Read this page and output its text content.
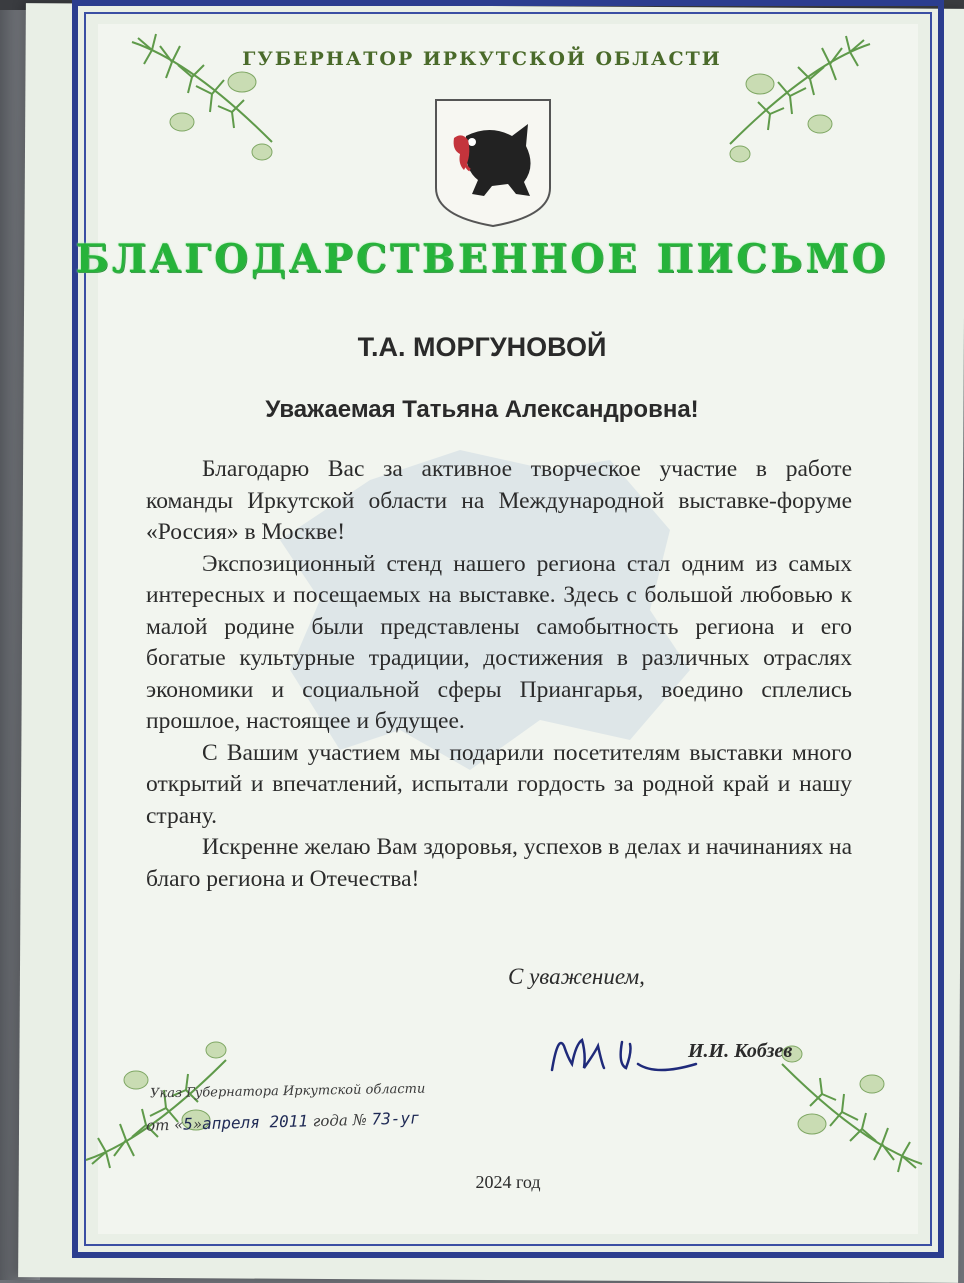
ГУБЕРНАТОР ИРКУТСКОЙ ОБЛАСТИ
БЛАГОДАРСТВЕННОЕ ПИСЬМО
Т.А. МОРГУНОВОЙ
Уважаемая Татьяна Александровна!

Благодарю Вас за активное творческое участие в работе команды Иркутской области на Международной выставке-форуме «Россия» в Москве!

Экспозиционный стенд нашего региона стал одним из самых интересных и посещаемых на выставке. Здесь с большой любовью к малой родине были представлены самобытность региона и его богатые культурные традиции, достижения в различных отраслях экономики и социальной сферы Приангарья, воедино сплелись прошлое, настоящее и будущее.

С Вашим участием мы подарили посетителям выставки много открытий и впечатлений, испытали гордость за родной край и нашу страну.

Искренне желаю Вам здоровья, успехов в делах и начинаниях на благо региона и Отечества!

С уважением,
И.И. Кобзев
Указ Губернатора Иркутской области
от «5»апреля 2011 года № 73-уг
2024 год
